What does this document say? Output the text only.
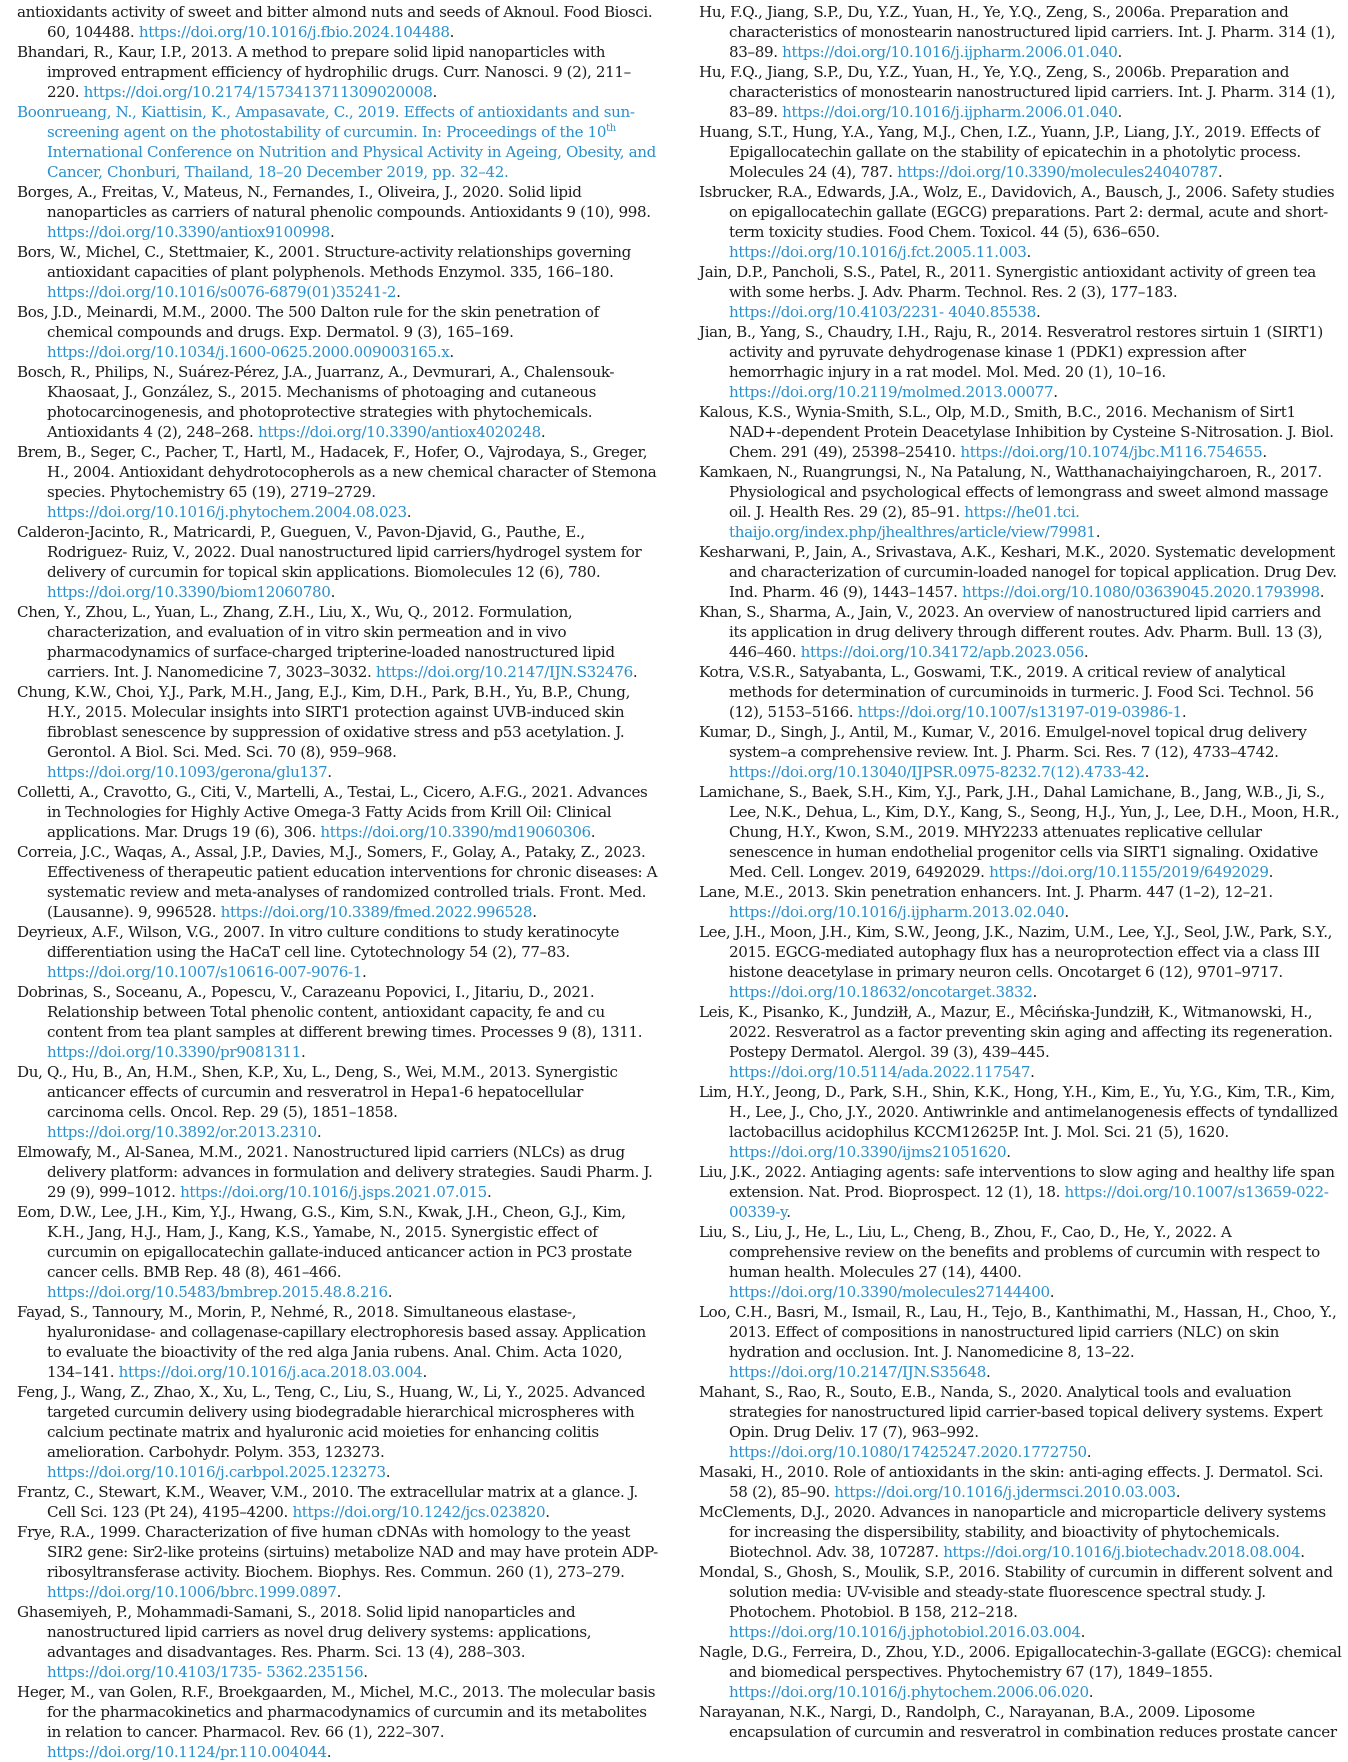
antioxidants activity of sweet and bitter almond nuts and seeds of Aknoul. Food Biosci. 60, 104488. https://doi.org/10.1016/j.fbio.2024.104488.

Bhandari, R., Kaur, I.P., 2013. A method to prepare solid lipid nanoparticles with improved entrapment efficiency of hydrophilic drugs. Curr. Nanosci. 9 (2), 211–220. https://doi.org/10.2174/1573413711309020008.

Boonrueang, N., Kiattisin, K., Ampasavate, C., 2019. Effects of antioxidants and sun-screening agent on the photostability of curcumin. In: Proceedings of the 10th International Conference on Nutrition and Physical Activity in Ageing, Obesity, and Cancer, Chonburi, Thailand, 18–20 December 2019, pp. 32–42.

Borges, A., Freitas, V., Mateus, N., Fernandes, I., Oliveira, J., 2020. Solid lipid nanoparticles as carriers of natural phenolic compounds. Antioxidants 9 (10), 998. https://doi.org/10.3390/antiox9100998.

Bors, W., Michel, C., Stettmaier, K., 2001. Structure-activity relationships governing antioxidant capacities of plant polyphenols. Methods Enzymol. 335, 166–180. https://doi.org/10.1016/s0076-6879(01)35241-2.

Bos, J.D., Meinardi, M.M., 2000. The 500 Dalton rule for the skin penetration of chemical compounds and drugs. Exp. Dermatol. 9 (3), 165–169. https://doi.org/10.1034/j.1600-0625.2000.009003165.x.

Bosch, R., Philips, N., Suárez-Pérez, J.A., Juarranz, A., Devmurari, A., Chalensouk-Khaosaat, J., González, S., 2015. Mechanisms of photoaging and cutaneous photocarcinogenesis, and photoprotective strategies with phytochemicals. Antioxidants 4 (2), 248–268. https://doi.org/10.3390/antiox4020248.

Brem, B., Seger, C., Pacher, T., Hartl, M., Hadacek, F., Hofer, O., Vajrodaya, S., Greger, H., 2004. Antioxidant dehydrotocopherols as a new chemical character of Stemona species. Phytochemistry 65 (19), 2719–2729. https://doi.org/10.1016/j.phytochem.2004.08.023.

Calderon-Jacinto, R., Matricardi, P., Gueguen, V., Pavon-Djavid, G., Pauthe, E., Rodriguez- Ruiz, V., 2022. Dual nanostructured lipid carriers/hydrogel system for delivery of curcumin for topical skin applications. Biomolecules 12 (6), 780. https://doi.org/10.3390/biom12060780.

Chen, Y., Zhou, L., Yuan, L., Zhang, Z.H., Liu, X., Wu, Q., 2012. Formulation, characterization, and evaluation of in vitro skin permeation and in vivo pharmacodynamics of surface-charged tripterine-loaded nanostructured lipid carriers. Int. J. Nanomedicine 7, 3023–3032. https://doi.org/10.2147/IJN.S32476.

Chung, K.W., Choi, Y.J., Park, M.H., Jang, E.J., Kim, D.H., Park, B.H., Yu, B.P., Chung, H.Y., 2015. Molecular insights into SIRT1 protection against UVB-induced skin fibroblast senescence by suppression of oxidative stress and p53 acetylation. J. Gerontol. A Biol. Sci. Med. Sci. 70 (8), 959–968. https://doi.org/10.1093/gerona/glu137.

Colletti, A., Cravotto, G., Citi, V., Martelli, A., Testai, L., Cicero, A.F.G., 2021. Advances in Technologies for Highly Active Omega-3 Fatty Acids from Krill Oil: Clinical applications. Mar. Drugs 19 (6), 306. https://doi.org/10.3390/md19060306.

Correia, J.C., Waqas, A., Assal, J.P., Davies, M.J., Somers, F., Golay, A., Pataky, Z., 2023. Effectiveness of therapeutic patient education interventions for chronic diseases: A systematic review and meta-analyses of randomized controlled trials. Front. Med. (Lausanne). 9, 996528. https://doi.org/10.3389/fmed.2022.996528.

Deyrieux, A.F., Wilson, V.G., 2007. In vitro culture conditions to study keratinocyte differentiation using the HaCaT cell line. Cytotechnology 54 (2), 77–83. https://doi.org/10.1007/s10616-007-9076-1.

Dobrinas, S., Soceanu, A., Popescu, V., Carazeanu Popovici, I., Jitariu, D., 2021. Relationship between Total phenolic content, antioxidant capacity, fe and cu content from tea plant samples at different brewing times. Processes 9 (8), 1311. https://doi.org/10.3390/pr9081311.

Du, Q., Hu, B., An, H.M., Shen, K.P., Xu, L., Deng, S., Wei, M.M., 2013. Synergistic anticancer effects of curcumin and resveratrol in Hepa1-6 hepatocellular carcinoma cells. Oncol. Rep. 29 (5), 1851–1858. https://doi.org/10.3892/or.2013.2310.

Elmowafy, M., Al-Sanea, M.M., 2021. Nanostructured lipid carriers (NLCs) as drug delivery platform: advances in formulation and delivery strategies. Saudi Pharm. J. 29 (9), 999–1012. https://doi.org/10.1016/j.jsps.2021.07.015.

Eom, D.W., Lee, J.H., Kim, Y.J., Hwang, G.S., Kim, S.N., Kwak, J.H., Cheon, G.J., Kim, K.H., Jang, H.J., Ham, J., Kang, K.S., Yamabe, N., 2015. Synergistic effect of curcumin on epigallocatechin gallate-induced anticancer action in PC3 prostate cancer cells. BMB Rep. 48 (8), 461–466. https://doi.org/10.5483/bmbrep.2015.48.8.216.

Fayad, S., Tannoury, M., Morin, P., Nehmé, R., 2018. Simultaneous elastase-, hyaluronidase- and collagenase-capillary electrophoresis based assay. Application to evaluate the bioactivity of the red alga Jania rubens. Anal. Chim. Acta 1020, 134–141. https://doi.org/10.1016/j.aca.2018.03.004.

Feng, J., Wang, Z., Zhao, X., Xu, L., Teng, C., Liu, S., Huang, W., Li, Y., 2025. Advanced targeted curcumin delivery using biodegradable hierarchical microspheres with calcium pectinate matrix and hyaluronic acid moieties for enhancing colitis amelioration. Carbohydr. Polym. 353, 123273. https://doi.org/10.1016/j.carbpol.2025.123273.

Frantz, C., Stewart, K.M., Weaver, V.M., 2010. The extracellular matrix at a glance. J. Cell Sci. 123 (Pt 24), 4195–4200. https://doi.org/10.1242/jcs.023820.

Frye, R.A., 1999. Characterization of five human cDNAs with homology to the yeast SIR2 gene: Sir2-like proteins (sirtuins) metabolize NAD and may have protein ADP-ribosyltransferase activity. Biochem. Biophys. Res. Commun. 260 (1), 273–279. https://doi.org/10.1006/bbrc.1999.0897.

Ghasemiyeh, P., Mohammadi-Samani, S., 2018. Solid lipid nanoparticles and nanostructured lipid carriers as novel drug delivery systems: applications, advantages and disadvantages. Res. Pharm. Sci. 13 (4), 288–303. https://doi.org/10.4103/1735- 5362.235156.

Heger, M., van Golen, R.F., Broekgaarden, M., Michel, M.C., 2013. The molecular basis for the pharmacokinetics and pharmacodynamics of curcumin and its metabolites in relation to cancer. Pharmacol. Rev. 66 (1), 222–307. https://doi.org/10.1124/pr.110.004044.

Hu, F.Q., Jiang, S.P., Du, Y.Z., Yuan, H., Ye, Y.Q., Zeng, S., 2006a. Preparation and characteristics of monostearin nanostructured lipid carriers. Int. J. Pharm. 314 (1), 83–89. https://doi.org/10.1016/j.ijpharm.2006.01.040.

Hu, F.Q., Jiang, S.P., Du, Y.Z., Yuan, H., Ye, Y.Q., Zeng, S., 2006b. Preparation and characteristics of monostearin nanostructured lipid carriers. Int. J. Pharm. 314 (1), 83–89. https://doi.org/10.1016/j.ijpharm.2006.01.040.

Huang, S.T., Hung, Y.A., Yang, M.J., Chen, I.Z., Yuann, J.P., Liang, J.Y., 2019. Effects of Epigallocatechin gallate on the stability of epicatechin in a photolytic process. Molecules 24 (4), 787. https://doi.org/10.3390/molecules24040787.

Isbrucker, R.A., Edwards, J.A., Wolz, E., Davidovich, A., Bausch, J., 2006. Safety studies on epigallocatechin gallate (EGCG) preparations. Part 2: dermal, acute and short-term toxicity studies. Food Chem. Toxicol. 44 (5), 636–650. https://doi.org/10.1016/j.fct.2005.11.003.

Jain, D.P., Pancholi, S.S., Patel, R., 2011. Synergistic antioxidant activity of green tea with some herbs. J. Adv. Pharm. Technol. Res. 2 (3), 177–183. https://doi.org/10.4103/2231- 4040.85538.

Jian, B., Yang, S., Chaudry, I.H., Raju, R., 2014. Resveratrol restores sirtuin 1 (SIRT1) activity and pyruvate dehydrogenase kinase 1 (PDK1) expression after hemorrhagic injury in a rat model. Mol. Med. 20 (1), 10–16. https://doi.org/10.2119/molmed.2013.00077.

Kalous, K.S., Wynia-Smith, S.L., Olp, M.D., Smith, B.C., 2016. Mechanism of Sirt1 NAD+-dependent Protein Deacetylase Inhibition by Cysteine S-Nitrosation. J. Biol. Chem. 291 (49), 25398–25410. https://doi.org/10.1074/jbc.M116.754655.

Kamkaen, N., Ruangrungsi, N., Na Patalung, N., Watthanachaiyingcharoen, R., 2017. Physiological and psychological effects of lemongrass and sweet almond massage oil. J. Health Res. 29 (2), 85–91. https://he01.tci. thaijo.org/index.php/jhealthres/article/view/79981.

Kesharwani, P., Jain, A., Srivastava, A.K., Keshari, M.K., 2020. Systematic development and characterization of curcumin-loaded nanogel for topical application. Drug Dev. Ind. Pharm. 46 (9), 1443–1457. https://doi.org/10.1080/03639045.2020.1793998.

Khan, S., Sharma, A., Jain, V., 2023. An overview of nanostructured lipid carriers and its application in drug delivery through different routes. Adv. Pharm. Bull. 13 (3), 446–460. https://doi.org/10.34172/apb.2023.056.

Kotra, V.S.R., Satyabanta, L., Goswami, T.K., 2019. A critical review of analytical methods for determination of curcuminoids in turmeric. J. Food Sci. Technol. 56 (12), 5153–5166. https://doi.org/10.1007/s13197-019-03986-1.

Kumar, D., Singh, J., Antil, M., Kumar, V., 2016. Emulgel-novel topical drug delivery system–a comprehensive review. Int. J. Pharm. Sci. Res. 7 (12), 4733–4742. https://doi.org/10.13040/IJPSR.0975-8232.7(12).4733-42.

Lamichane, S., Baek, S.H., Kim, Y.J., Park, J.H., Dahal Lamichane, B., Jang, W.B., Ji, S., Lee, N.K., Dehua, L., Kim, D.Y., Kang, S., Seong, H.J., Yun, J., Lee, D.H., Moon, H.R., Chung, H.Y., Kwon, S.M., 2019. MHY2233 attenuates replicative cellular senescence in human endothelial progenitor cells via SIRT1 signaling. Oxidative Med. Cell. Longev. 2019, 6492029. https://doi.org/10.1155/2019/6492029.

Lane, M.E., 2013. Skin penetration enhancers. Int. J. Pharm. 447 (1–2), 12–21. https://doi.org/10.1016/j.ijpharm.2013.02.040.

Lee, J.H., Moon, J.H., Kim, S.W., Jeong, J.K., Nazim, U.M., Lee, Y.J., Seol, J.W., Park, S.Y., 2015. EGCG-mediated autophagy flux has a neuroprotection effect via a class III histone deacetylase in primary neuron cells. Oncotarget 6 (12), 9701–9717. https://doi.org/10.18632/oncotarget.3832.

Leis, K., Pisanko, K., Jundziłł, A., Mazur, E., Mêcińska-Jundziłł, K., Witmanowski, H., 2022. Resveratrol as a factor preventing skin aging and affecting its regeneration. Postepy Dermatol. Alergol. 39 (3), 439–445. https://doi.org/10.5114/ada.2022.117547.

Lim, H.Y., Jeong, D., Park, S.H., Shin, K.K., Hong, Y.H., Kim, E., Yu, Y.G., Kim, T.R., Kim, H., Lee, J., Cho, J.Y., 2020. Antiwrinkle and antimelanogenesis effects of tyndallized lactobacillus acidophilus KCCM12625P. Int. J. Mol. Sci. 21 (5), 1620. https://doi.org/10.3390/ijms21051620.

Liu, J.K., 2022. Antiaging agents: safe interventions to slow aging and healthy life span extension. Nat. Prod. Bioprospect. 12 (1), 18. https://doi.org/10.1007/s13659-022-00339-y.

Liu, S., Liu, J., He, L., Liu, L., Cheng, B., Zhou, F., Cao, D., He, Y., 2022. A comprehensive review on the benefits and problems of curcumin with respect to human health. Molecules 27 (14), 4400. https://doi.org/10.3390/molecules27144400.

Loo, C.H., Basri, M., Ismail, R., Lau, H., Tejo, B., Kanthimathi, M., Hassan, H., Choo, Y., 2013. Effect of compositions in nanostructured lipid carriers (NLC) on skin hydration and occlusion. Int. J. Nanomedicine 8, 13–22. https://doi.org/10.2147/IJN.S35648.

Mahant, S., Rao, R., Souto, E.B., Nanda, S., 2020. Analytical tools and evaluation strategies for nanostructured lipid carrier-based topical delivery systems. Expert Opin. Drug Deliv. 17 (7), 963–992. https://doi.org/10.1080/17425247.2020.1772750.

Masaki, H., 2010. Role of antioxidants in the skin: anti-aging effects. J. Dermatol. Sci. 58 (2), 85–90. https://doi.org/10.1016/j.jdermsci.2010.03.003.

McClements, D.J., 2020. Advances in nanoparticle and microparticle delivery systems for increasing the dispersibility, stability, and bioactivity of phytochemicals. Biotechnol. Adv. 38, 107287. https://doi.org/10.1016/j.biotechadv.2018.08.004.

Mondal, S., Ghosh, S., Moulik, S.P., 2016. Stability of curcumin in different solvent and solution media: UV-visible and steady-state fluorescence spectral study. J. Photochem. Photobiol. B 158, 212–218. https://doi.org/10.1016/j.jphotobiol.2016.03.004.

Nagle, D.G., Ferreira, D., Zhou, Y.D., 2006. Epigallocatechin-3-gallate (EGCG): chemical and biomedical perspectives. Phytochemistry 67 (17), 1849–1855. https://doi.org/10.1016/j.phytochem.2006.06.020.

Narayanan, N.K., Nargi, D., Randolph, C., Narayanan, B.A., 2009. Liposome encapsulation of curcumin and resveratrol in combination reduces prostate cancer
